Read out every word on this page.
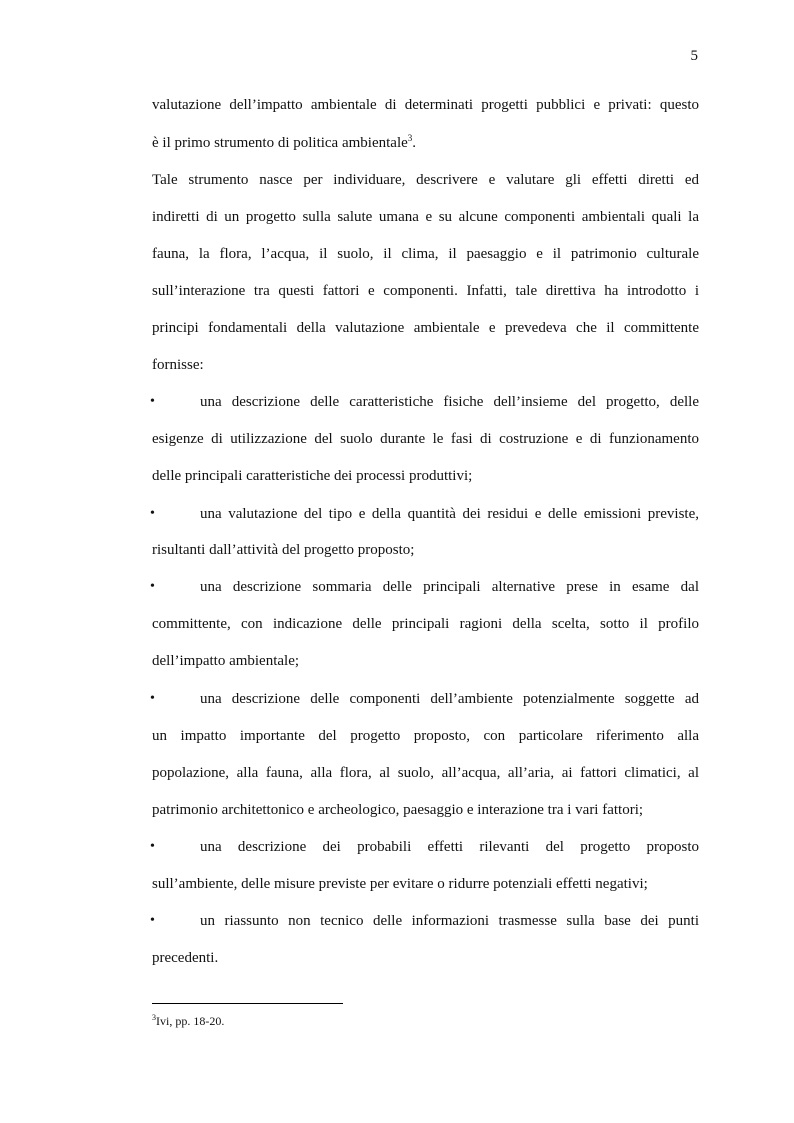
5
valutazione dell’impatto ambientale di determinati progetti pubblici e privati: questo
è il primo strumento di politica ambientale$^3$.
Tale strumento nasce per individuare, descrivere e valutare gli effetti diretti ed
indiretti di un progetto sulla salute umana e su alcune componenti ambientali quali la
fauna, la flora, l’acqua, il suolo, il clima, il paesaggio e il patrimonio culturale
sull’interazione tra questi fattori e componenti. Infatti, tale direttiva ha introdotto i
principi fondamentali della valutazione ambientale e prevedeva che il committente
fornisse:
•	una descrizione delle caratteristiche fisiche dell’insieme del progetto, delle
esigenze di utilizzazione del suolo durante le fasi di costruzione e di funzionamento
delle principali caratteristiche dei processi produttivi;
•	una valutazione del tipo e della quantità dei residui e delle emissioni previste,
risultanti dall’attività del progetto proposto;
•	una descrizione sommaria delle principali alternative prese in esame dal
committente, con indicazione delle principali ragioni della scelta, sotto il profilo
dell’impatto ambientale;
•	una descrizione delle componenti dell’ambiente potenzialmente soggette ad
un impatto importante del progetto proposto, con particolare riferimento alla
popolazione, alla fauna, alla flora, al suolo, all’acqua, all’aria, ai fattori climatici, al
patrimonio architettonico e archeologico, paesaggio e interazione tra i vari fattori;
•	una descrizione dei probabili effetti rilevanti del progetto proposto
sull’ambiente, delle misure previste per evitare o ridurre potenziali effetti negativi;
•	un riassunto non tecnico delle informazioni trasmesse sulla base dei punti
precedenti.
$^3$Ivi, pp. 18-20.
